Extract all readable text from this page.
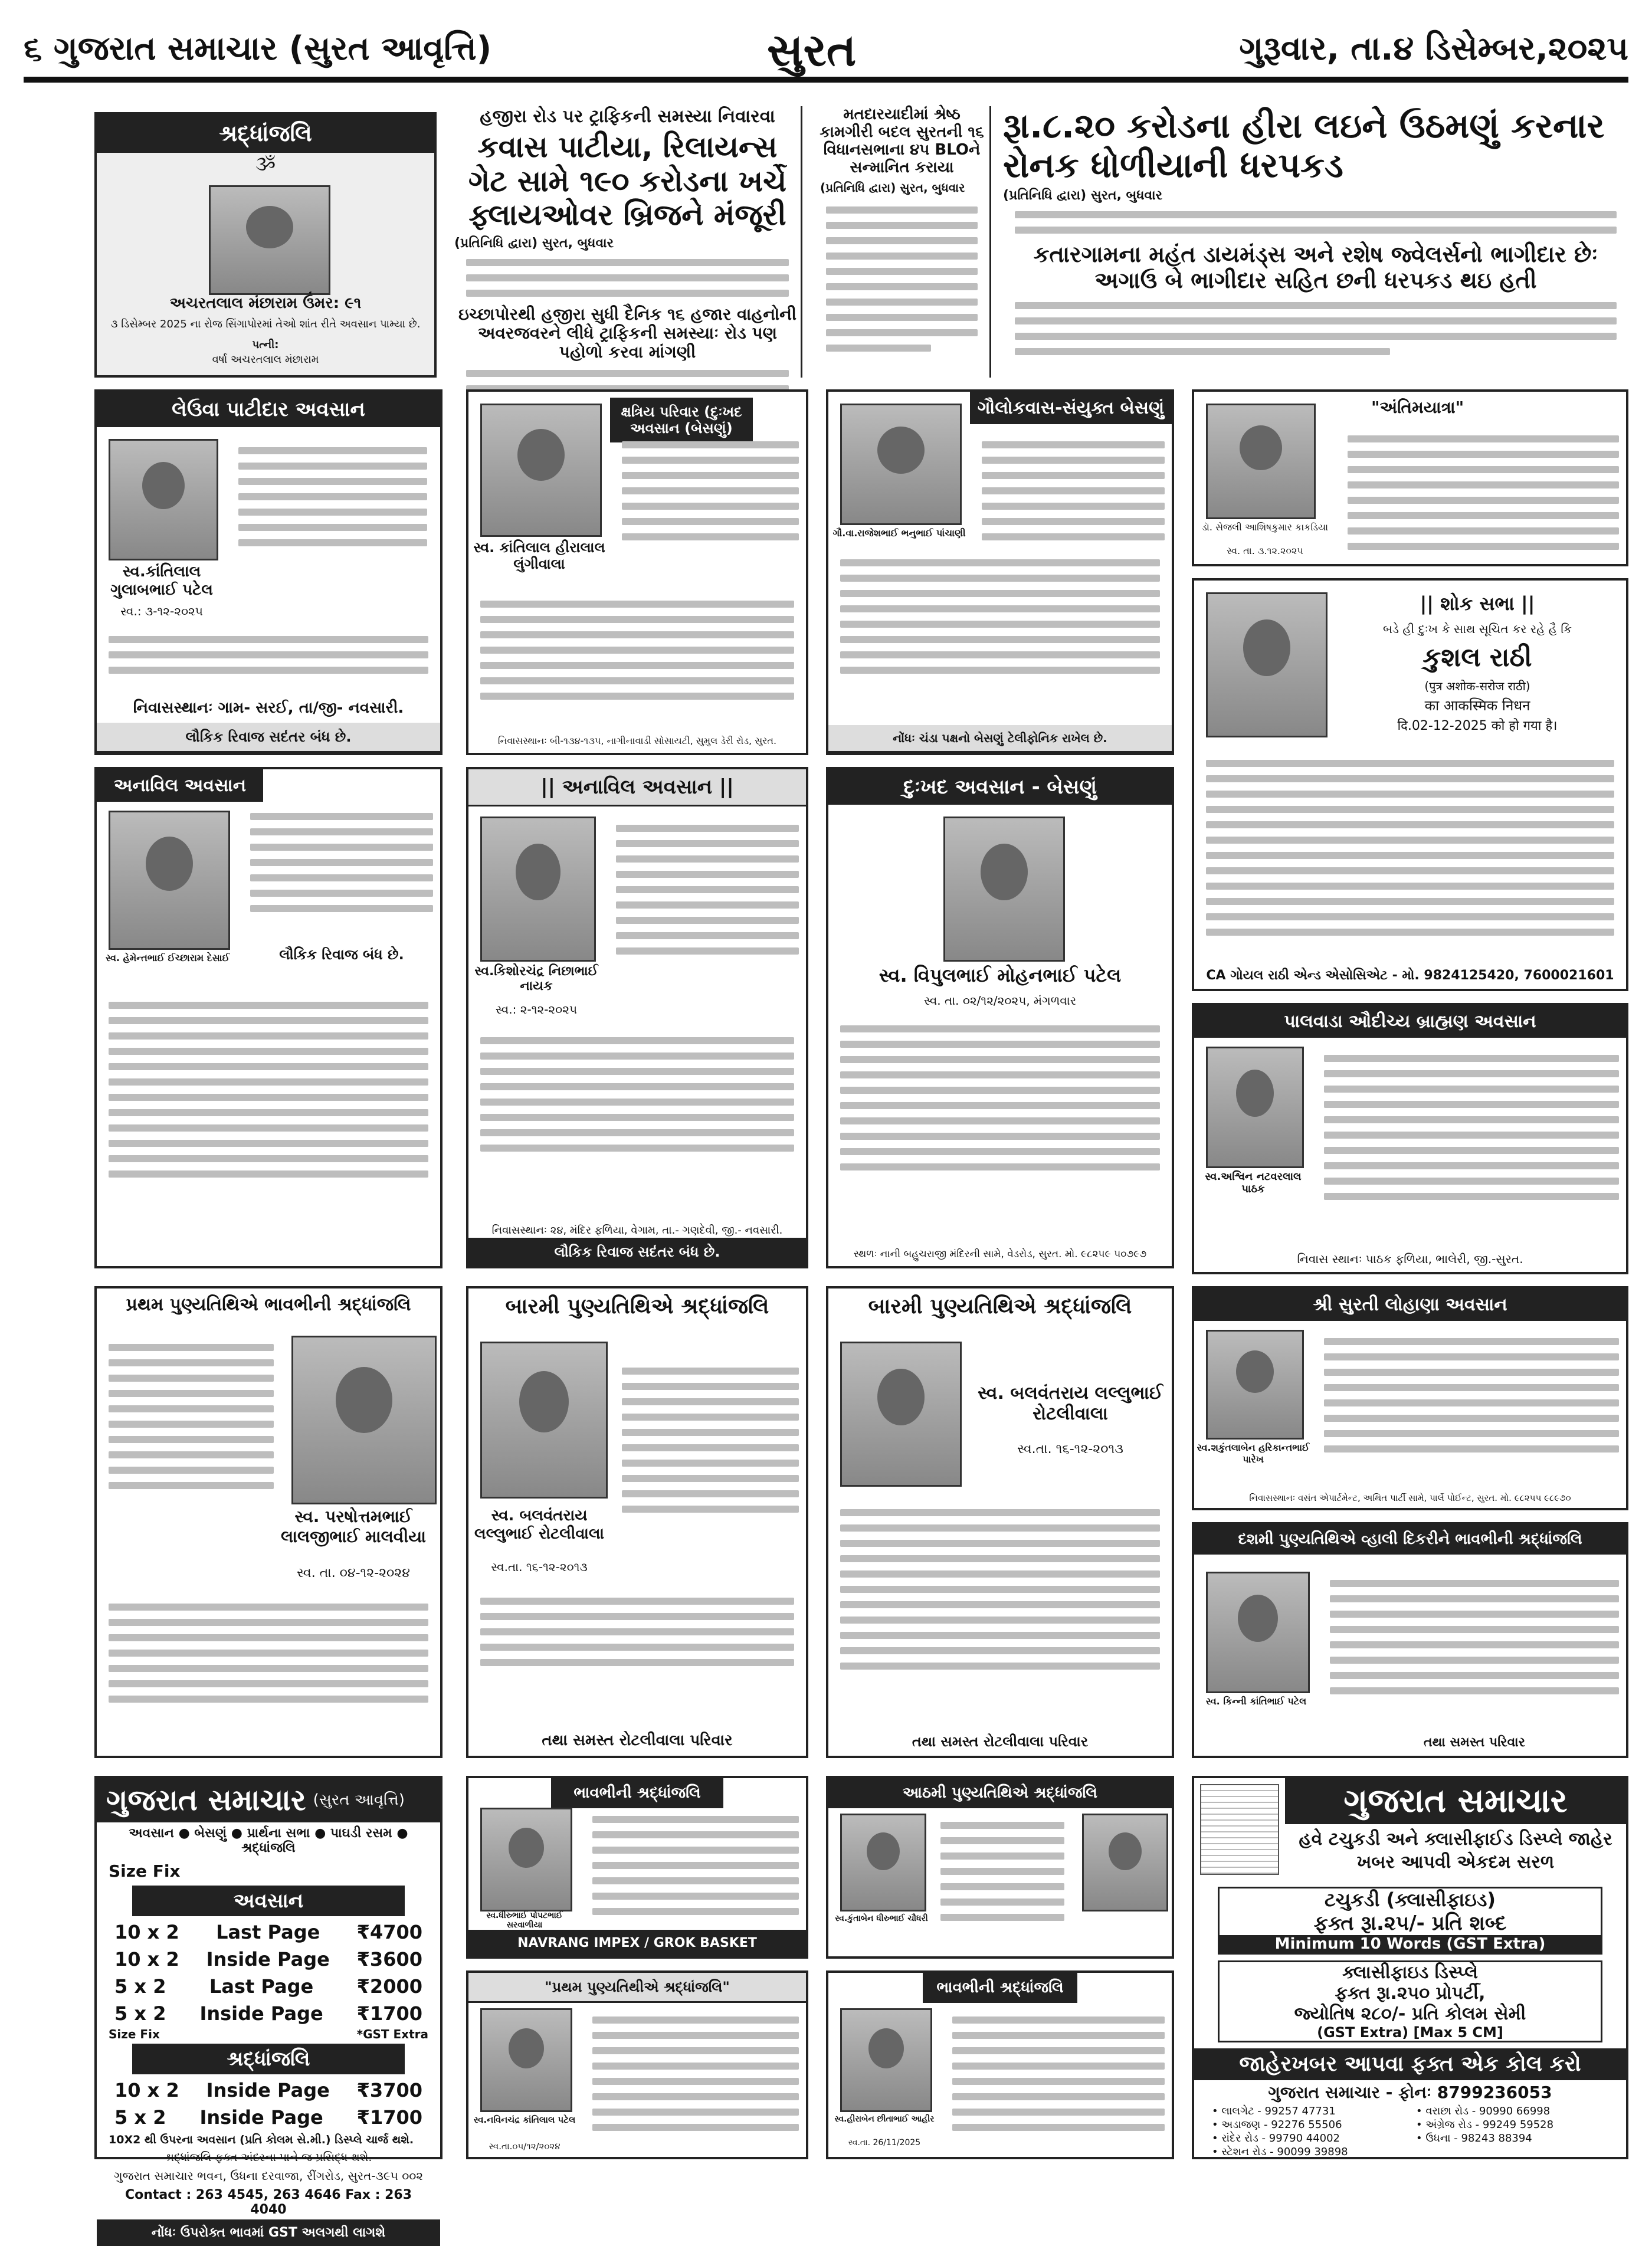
૬ ગુજરાત સમાચાર (સુરત આવૃત્તિ)	સુરત	ગુરૂવાર, તા.૪ ડિસેમ્બર,૨૦૨૫
શ્રદ્ધાંજલિ
ૐ
અચરતલાલ મંછારામ ઉંમર: ૯૧
૩ ડિસેમ્બર 2025 ના રોજ સિંગાપોરમાં તેઓ શાંત રીતે અવસાન પામ્યા છે.
પત્ની:
વર્ષા અચરતલાલ મંછારામ
હજીરા રોડ પર ટ્રાફિકની સમસ્યા નિવારવા
કવાસ પાટીયા, રિલાયન્સ ગેટ સામે ૧૯૦ કરોડના ખર્ચે ફ્લાયઓવર બ્રિજને મંજૂરી
(પ્રતિનિધિ દ્વારા) સુરત, બુધવાર
ઇચ્છાપોરથી હજીરા સુધી દૈનિક ૧૬ હજાર વાહનોની અવરજવરને લીધે ટ્રાફિકની સમસ્યાઃ રોડ પણ પહોળો કરવા માંગણી
મતદારયાદીમાં શ્રેષ્ઠ કામગીરી બદલ સુરતની ૧૬ વિધાનસભાના ૪૫ BLOને સન્માનિત કરાયા
(પ્રતિનિધિ દ્વારા) સુરત, બુધવાર
રૂા.૮.૨૦ કરોડના હીરા લઇને ઉઠમણું કરનાર રોનક ધોળીયાની ધરપકડ
(પ્રતિનિધિ દ્વારા) સુરત, બુધવાર
કતારગામના મહંત ડાયમંડ્સ અને રશેષ જ્વેલર્સનો ભાગીદાર છેઃ અગાઉ બે ભાગીદાર સહિત છની ધરપકડ થઇ હતી
લેઉવા પાટીદાર અવસાન
સ્વ.કાંતિલાલ ગુલાબભાઈ પટેલ
સ્વ.: ૩-૧૨-૨૦૨૫
નિવાસસ્થાનઃ ગામ- સરઈ, તા/જી- નવસારી.
લૌકિક રિવાજ સદંતર બંધ છે.
ક્ષત્રિય પરિવાર (દુઃખદ અવસાન (બેસણું)
સ્વ. કાંતિલાલ હીરાલાલ લુંગીવાલા
નિવાસસ્થાનઃ બી-૧૩૪-૧૩૫, નાગીનાવાડી સોસાયટી, સુમુલ ડેરી રોડ, સુરત.
ગૌલોકવાસ-સંયુક્ત બેસણું
ગૌ.વા.રાજેશભાઈ ભનુભાઈ પાંચાણી
નોંધઃ ચંડા પક્ષનો બેસણું ટેલીફોનિક રાખેલ છે.
"અંતિમયાત્રા"
ડૉ. સેજલી આશિષકુમાર કાકડિયા
સ્વ. તા. ૩.૧૨.૨૦૨૫
|| શોક સભા ||
બડે હી દુઃખ કે સાથ સૂચિત કર રહે હૈ કિ
કુશલ રાઠી
(पुत्र अशोक-सरोज राठी)
का आकस्मिक निधन
दि.02-12-2025 को हो गया है।
CA ગોયલ રાઠી એન્ડ એસોસિએટ - મો. 9824125420, 7600021601
અનાવિલ અવસાન
સ્વ. હેમેન્તભાઈ ઈચ્છારામ દેસાઈ	લૌકિક રિવાજ બંધ છે.
|| અનાવિલ અવસાન ||
સ્વ.કિશોરચંદ્ર નિછાભાઈ નાયક
સ્વ.: ૨-૧૨-૨૦૨૫
નિવાસસ્થાનઃ ૨૪, મંદિર ફળિયા, વેગામ, તા.- ગણદેવી, જી.- નવસારી.
લૌકિક રિવાજ સદંતર બંધ છે.
દુઃખદ અવસાન - બેસણું
સ્વ. વિપુલભાઈ મોહનભાઈ પટેલ
સ્વ. તા. ૦૨/૧૨/૨૦૨૫, મંગળવાર
સ્થળઃ નાની બહુચરાજી મંદિરની સામે, વેડરોડ, સુરત. મો. ૯૮૨૫૯ ૫૦૭૯૭
પાલવાડા ઔદીચ્ય બ્રાહ્મણ અવસાન
સ્વ.અશ્વિન નટવરલાલ પાઠક
નિવાસ સ્થાનઃ પાઠક ફળિયા, ભાલેરી, જી.-સુરત.
પ્રથમ પુણ્યતિથિએ ભાવભીની શ્રદ્ધાંજલિ
સ્વ. પરષોત્તમભાઈ લાલજીભાઈ માલવીયા
સ્વ. તા. ૦૪-૧૨-૨૦૨૪
બારમી પુણ્યતિથિએ શ્રદ્ધાંજલિ
સ્વ. બલવંતરાય લલ્લુભાઈ રોટલીવાલા
સ્વ.તા. ૧૬-૧૨-૨૦૧૩
તથા સમસ્ત રોટલીવાલા પરિવાર
બારમી પુણ્યતિથિએ શ્રદ્ધાંજલિ
સ્વ. બલવંતરાય લલ્લુભાઈ રોટલીવાલા
સ્વ.તા. ૧૬-૧૨-૨૦૧૩
તથા સમસ્ત રોટલીવાલા પરિવાર
શ્રી સુરતી લોહાણા અવસાન
સ્વ.શકુંતલાબેન હરિકાન્તભાઈ પારેખ
નિવાસસ્થાનઃ વસંત એપાર્ટમેન્ટ, અથિત પાર્ટી સામે, પાર્લે પોઈન્ટ, સુરત. મો. ૯૮૨૫૫ ૯૮૯૭૦
દશમી પુણ્યતિથિએ વ્હાલી દિકરીને ભાવભીની શ્રદ્ધાંજલિ
સ્વ. કિન્ની કાંતિભાઈ પટેલ
તથા સમસ્ત પરિવાર
ગુજરાત સમાચાર (સુરત આવૃત્તિ)
અવસાન ● બેસણું ● પ્રાર્થના સભા ● પાઘડી રસમ ● શ્રદ્ધાંજલિ
Size Fix
અવસાન
10 x 2 Last Page ₹4700
10 x 2 Inside Page ₹3600
5 x 2 Last Page ₹2000
5 x 2 Inside Page ₹1700
Size Fix	*GST Extra
શ્રદ્ધાંજલિ
10 x 2 Inside Page ₹3700
5 x 2 Inside Page ₹1700
10X2 થી ઉપરના અવસાન (પ્રતિ કોલમ સે.મી.) ડિસ્પ્લે ચાર્જ થશે.
શ્રદ્ધાંજલિ ફક્ત અંદરના પાને જ પ્રસિદ્ધ થશે.
ગુજરાત સમાચાર ભવન, ઉધના દરવાજા, રીંગરોડ, સુરત-૩૯૫ ૦૦૨
Contact : 263 4545, 263 4646 Fax : 263 4040
નોંધઃ ઉપરોક્ત ભાવમાં GST અલગથી લાગશે
ભાવભીની શ્રદ્ધાંજલિ
સ્વ.ધીરુભાઈ પોપટભાઈ સરવાળીયા
NAVRANG IMPEX / GROK BASKET
"પ્રથમ પુણ્યતિથીએ શ્રદ્ધાંજલિ"
સ્વ.નવિનચંદ્ર કાંતિલાલ પટેલ
સ્વ.તા.૦૫/૧૨/૨૦૨૪
આઠમી પુણ્યતિથિએ શ્રદ્ધાંજલિ
સ્વ.કુંતાબેન ધીરુભાઈ ચૌધરી
ભાવભીની શ્રદ્ધાંજલિ
સ્વ.હીરાબેન છીતાભાઈ આહીર
સ્વ.તા. 26/11/2025
ગુજરાત સમાચાર
હવે ટચુકડી અને ક્લાસીફાઈડ ડિસ્પ્લે જાહેર ખબર આપવી એકદમ સરળ
ટચુકડી (ક્લાસીફાઇડ)
ફક્ત રૂા.૨૫/- પ્રતિ શબ્દ
Minimum 10 Words (GST Extra)
ક્લાસીફાઇડ ડિસ્પ્લે
ફક્ત રૂા.૨૫૦ પ્રોપર્ટી,
જ્યોતિષ ૨૮૦/- પ્રતિ કોલમ સેમી
(GST Extra) [Max 5 CM]
જાહેરખબર આપવા ફક્ત એક કોલ કરો
ગુજરાત સમાચાર - ફોનઃ 8799236053
• લાલગેટ - 99257 47731	• વરાછા રોડ - 90990 66998
• અડાજણ - 92276 55506	• અંગ્રેજ રોડ - 99249 59528
• રાંદેર રોડ - 99790 44002	• ઉધના - 98243 88394
• સ્ટેશન રોડ - 90099 39898
